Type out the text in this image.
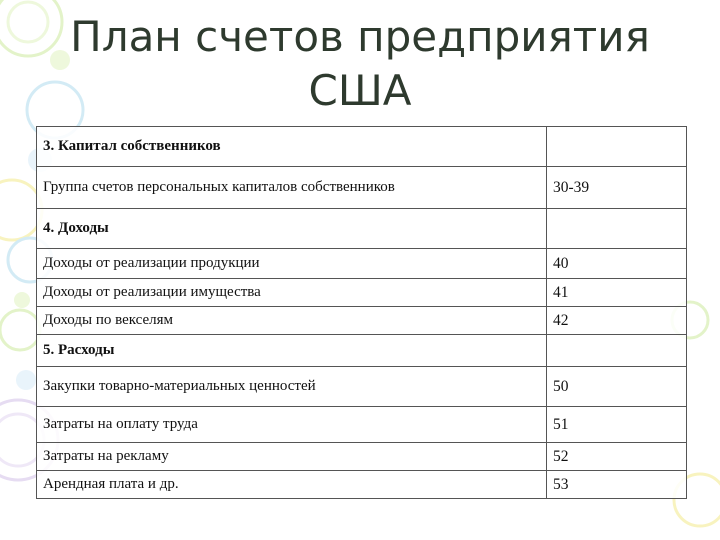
План счетов предприятия
США
3. Капитал собственников	
Группа счетов персональных капиталов собственников	30-39
4. Доходы	
Доходы от реализации продукции	40
Доходы от реализации имущества	41
Доходы по векселям	42
5. Расходы	
Закупки товарно-материальных ценностей	50
Затраты на оплату труда	51
Затраты на рекламу	52
Арендная плата и др.	53
